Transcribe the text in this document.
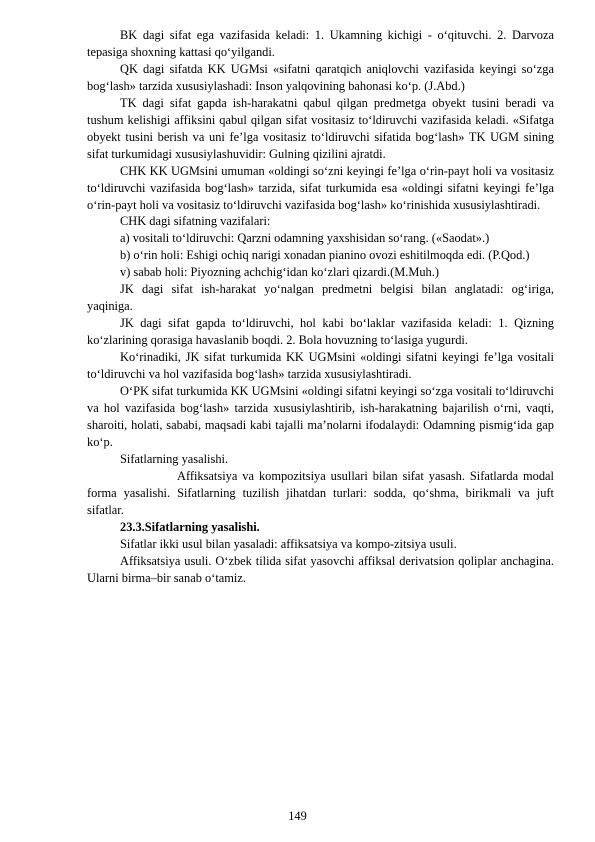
BK dagi sifat ega vazifasida keladi: 1. Ukamning kichigi - o‘qituvchi. 2. Darvoza tepasiga shoxning kattasi qo‘yilgandi.

QK dagi sifatda KK UGMsi «sifatni qaratqich aniqlovchi vazifasida keyingi so‘zga bog‘lash» tarzida xususiylashadi: Inson yalqovining bahonasi ko‘p. (J.Abd.)

TK dagi sifat gapda ish-harakatni qabul qilgan predmetga obyekt tusini beradi va tushum kelishigi affiksini qabul qilgan sifat vositasiz to‘ldiruvchi vazifasida keladi. «Sifatga obyekt tusini berish va uni fe’lga vositasiz to‘ldiruvchi sifatida bog‘lash» TK UGM sining sifat turkumidagi xususiylashuvidir: Gulning qizilini ajratdi.

CHK KK UGMsini umuman «oldingi so‘zni keyingi fe’lga o‘rin-payt holi va vositasiz to‘ldiruvchi vazifasida bog‘lash» tarzida, sifat turkumida esa «oldingi sifatni keyingi fe’lga o‘rin-payt holi va vositasiz to‘ldiruvchi vazifasida bog‘lash» ko‘rinishida xususiylashtiradi.

CHK dagi sifatning vazifalari:

a) vositali to‘ldiruvchi: Qarzni odamning yaxshisidan so‘rang. («Saodat».)

b) o‘rin holi: Eshigi ochiq narigi xonadan pianino ovozi eshitilmoqda edi. (P.Qod.)

v) sabab holi: Piyozning achchig‘idan ko‘zlari qizardi.(M.Muh.)

JK dagi sifat ish-harakat yo‘nalgan predmetni belgisi bilan anglatadi: og‘iriga, yaqiniga.

JK dagi sifat gapda to‘ldiruvchi, hol kabi bo‘laklar vazifasida keladi: 1. Qizning ko‘zlarining qorasiga havaslanib boqdi. 2. Bola hovuzning to‘lasiga yugurdi.

Ko‘rinadiki, JK sifat turkumida KK UGMsini «oldingi sifatni keyingi fe’lga vositali to‘ldiruvchi va hol vazifasida bog‘lash» tarzida xususiylashtiradi.

O‘PK sifat turkumida KK UGMsini «oldingi sifatni keyingi so‘zga vositali to‘ldiruvchi va hol vazifasida bog‘lash» tarzida xususiylashtirib, ish-harakatning bajarilish o‘rni, vaqti, sharoiti, holati, sababi, maqsadi kabi tajalli ma’nolarni ifodalaydi: Odamning pismig‘ida gap ko‘p.

Sifatlarning yasalishi.

Affiksatsiya va kompozitsiya usullari bilan sifat yasash. Sifatlarda modal forma yasalishi. Sifatlarning tuzilish jihatdan turlari: sodda, qo‘shma, birikmali va juft sifatlar.

23.3.Sifatlarning yasalishi.

Sifatlar ikki usul bilan yasaladi: affiksatsiya va kompo-zitsiya usuli.

Affiksatsiya usuli. O‘zbek tilida sifat yasovchi affiksal derivatsion qoliplar anchagina. Ularni birma–bir sanab o‘tamiz.

149
